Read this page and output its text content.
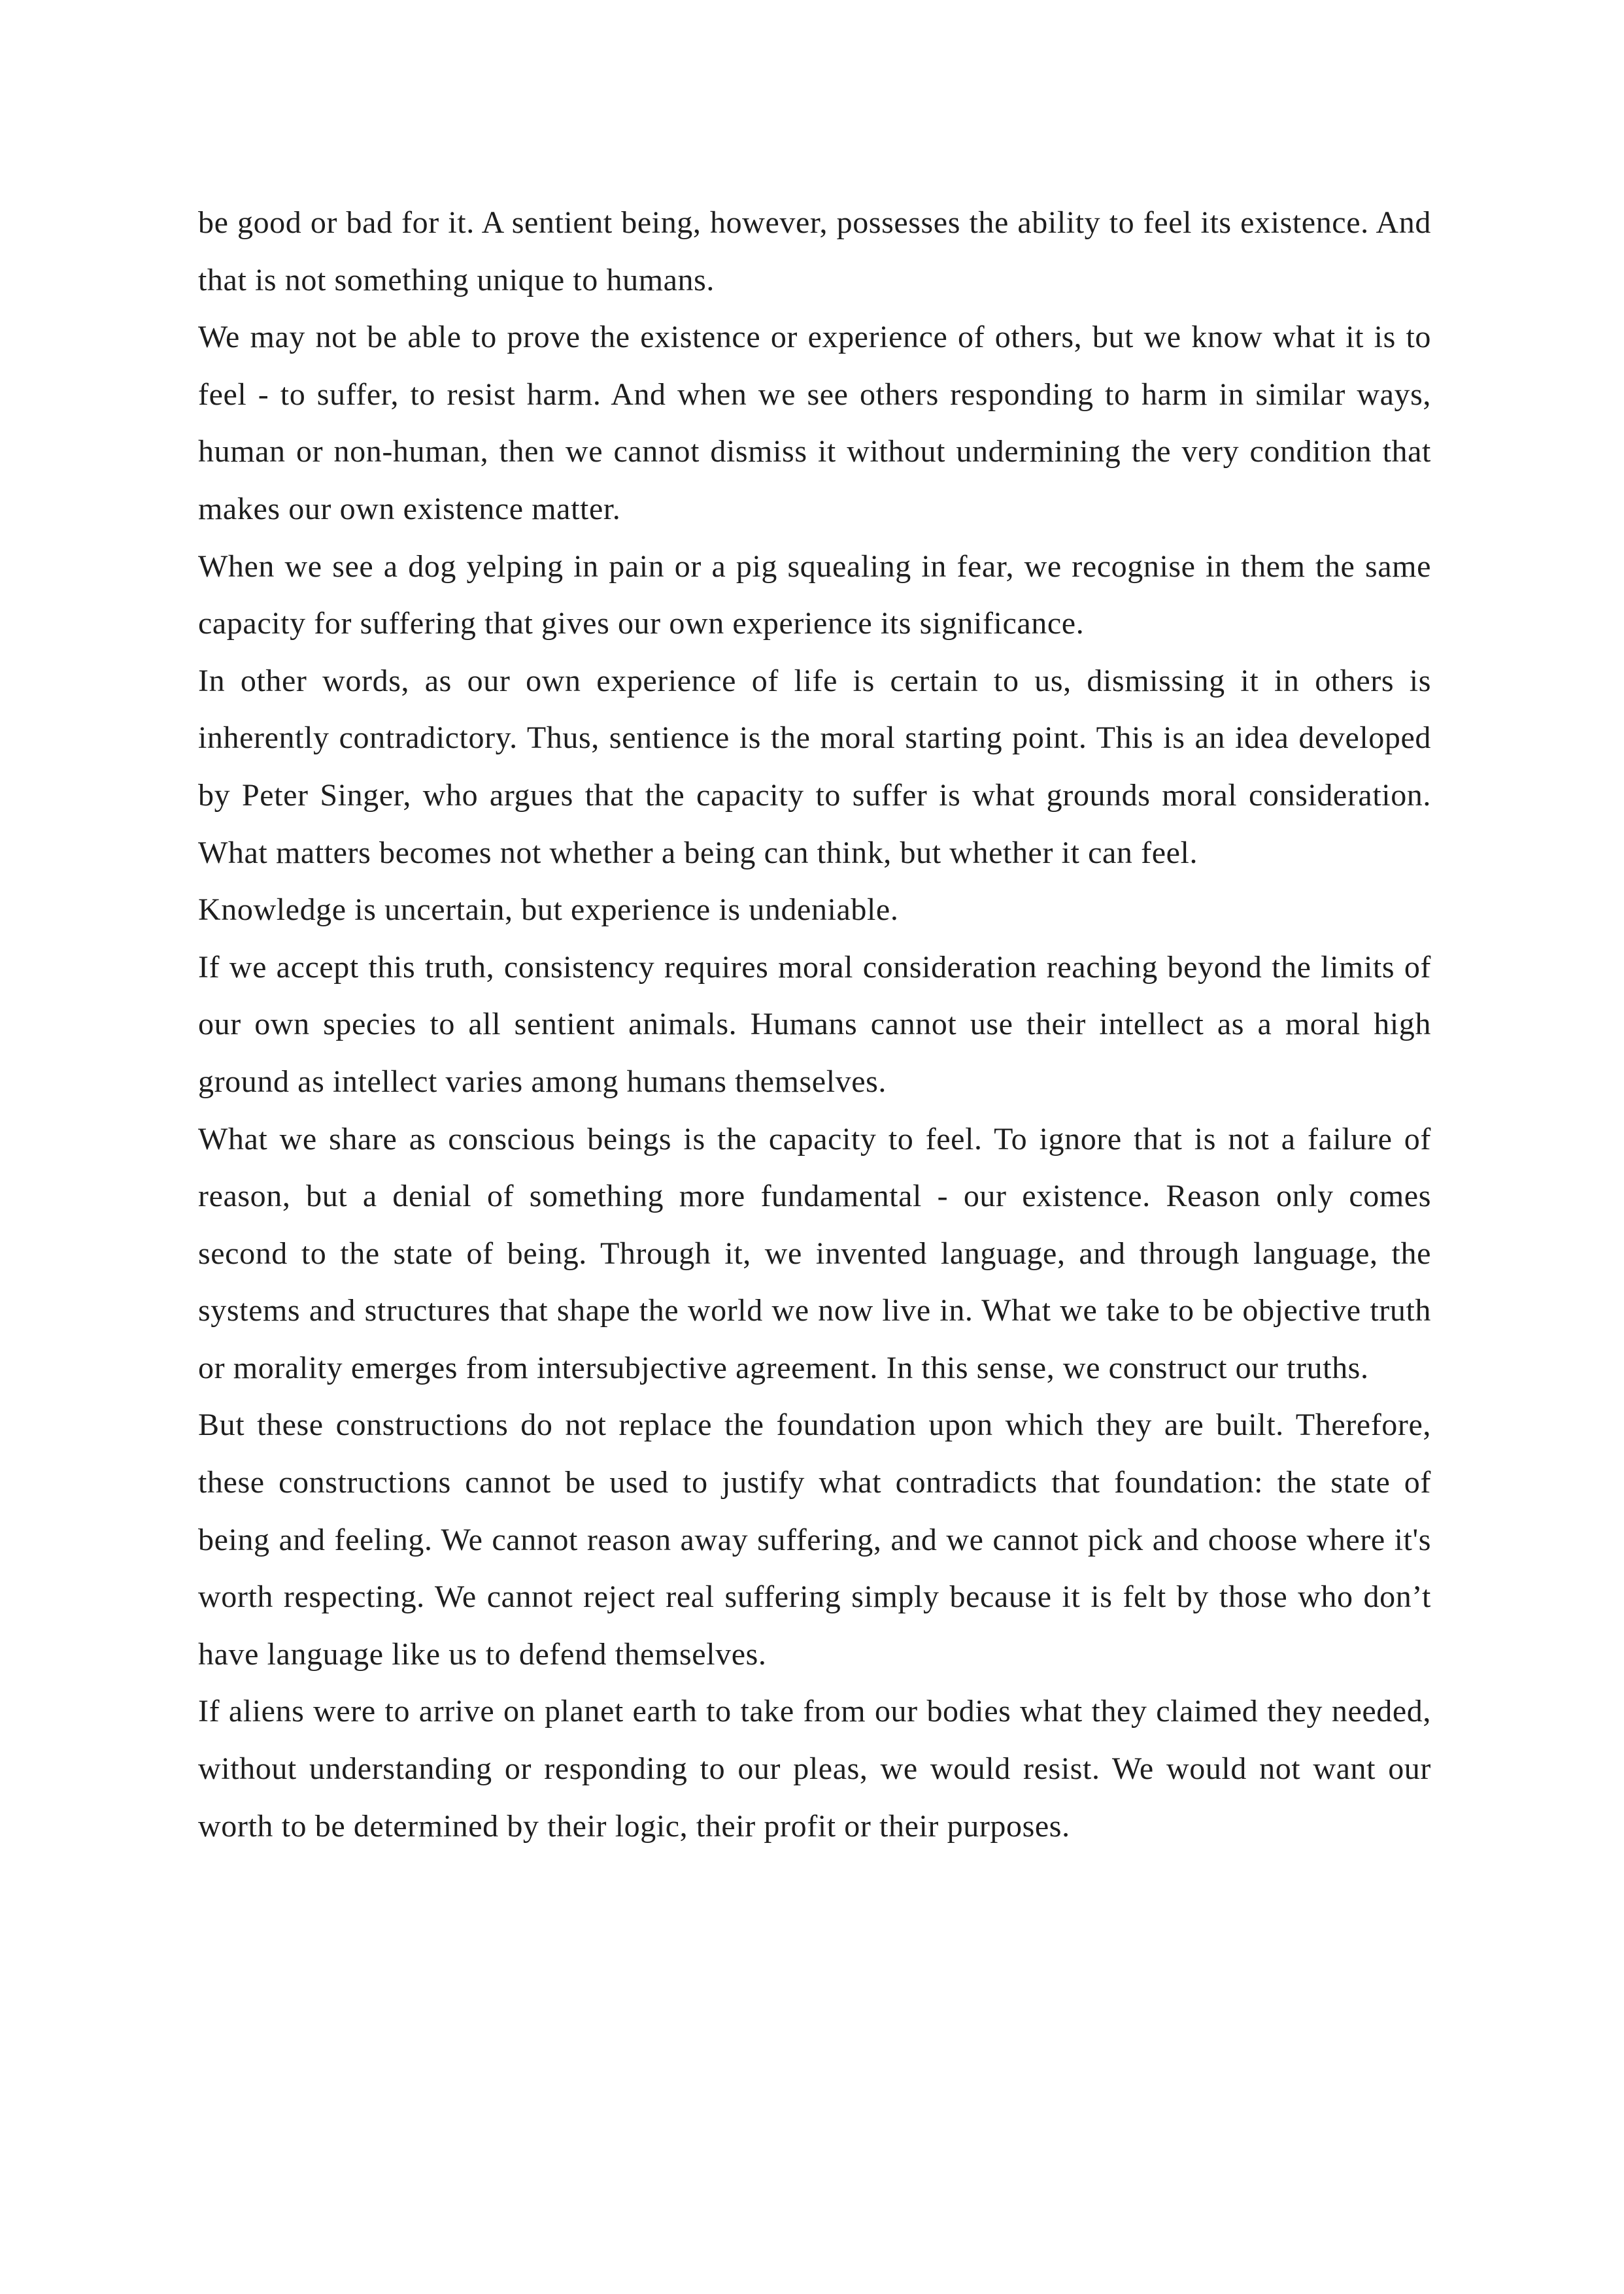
be good or bad for it. A sentient being, however, possesses the ability to feel its existence. And that is not something unique to humans.

We may not be able to prove the existence or experience of others, but we know what it is to feel - to suffer, to resist harm. And when we see others responding to harm in similar ways, human or non-human, then we cannot dismiss it without undermining the very condition that makes our own existence matter.

When we see a dog yelping in pain or a pig squealing in fear, we recognise in them the same capacity for suffering that gives our own experience its significance.

In other words, as our own experience of life is certain to us, dismissing it in others is inherently contradictory. Thus, sentience is the moral starting point. This is an idea developed by Peter Singer, who argues that the capacity to suffer is what grounds moral consideration. What matters becomes not whether a being can think, but whether it can feel.

Knowledge is uncertain, but experience is undeniable.

If we accept this truth, consistency requires moral consideration reaching beyond the limits of our own species to all sentient animals. Humans cannot use their intellect as a moral high ground as intellect varies among humans themselves.

What we share as conscious beings is the capacity to feel. To ignore that is not a failure of reason, but a denial of something more fundamental - our existence. Reason only comes second to the state of being. Through it, we invented language, and through language, the systems and structures that shape the world we now live in. What we take to be objective truth or morality emerges from intersubjective agreement. In this sense, we construct our truths.

But these constructions do not replace the foundation upon which they are built. Therefore, these constructions cannot be used to justify what contradicts that foundation: the state of being and feeling. We cannot reason away suffering, and we cannot pick and choose where it's worth respecting. We cannot reject real suffering simply because it is felt by those who don’t have language like us to defend themselves.

If aliens were to arrive on planet earth to take from our bodies what they claimed they needed, without understanding or responding to our pleas, we would resist. We would not want our worth to be determined by their logic, their profit or their purposes.
